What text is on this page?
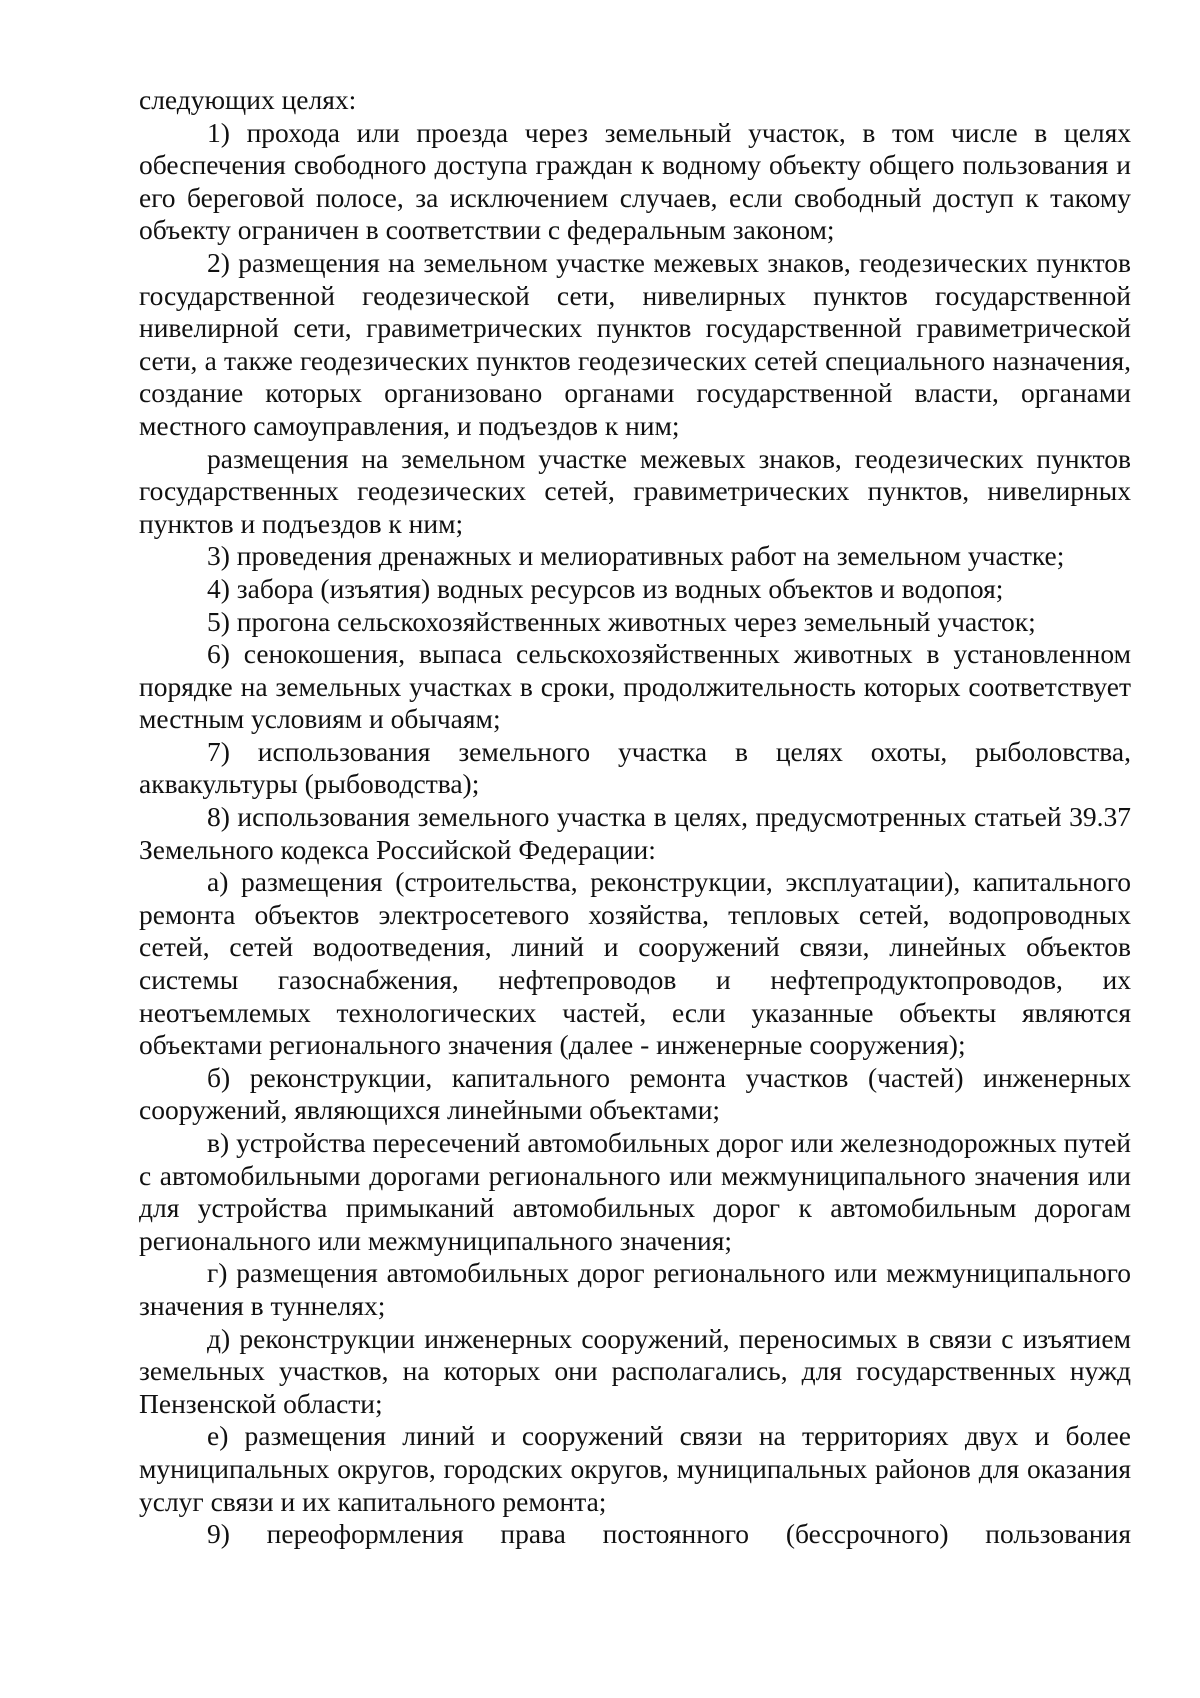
следующих целях:

1) прохода или проезда через земельный участок, в том числе в целях обеспечения свободного доступа граждан к водному объекту общего пользования и его береговой полосе, за исключением случаев, если свободный доступ к такому объекту ограничен в соответствии с федеральным законом;

2) размещения на земельном участке межевых знаков, геодезических пунктов государственной геодезической сети, нивелирных пунктов государственной нивелирной сети, гравиметрических пунктов государственной гравиметрической сети, а также геодезических пунктов геодезических сетей специального назначения, создание которых организовано органами государственной власти, органами местного самоуправления, и подъездов к ним;

размещения на земельном участке межевых знаков, геодезических пунктов государственных геодезических сетей, гравиметрических пунктов, нивелирных пунктов и подъездов к ним;

3) проведения дренажных и мелиоративных работ на земельном участке;

4) забора (изъятия) водных ресурсов из водных объектов и водопоя;

5) прогона сельскохозяйственных животных через земельный участок;

6) сенокошения, выпаса сельскохозяйственных животных в установленном порядке на земельных участках в сроки, продолжительность которых соответствует местным условиям и обычаям;

7) использования земельного участка в целях охоты, рыболовства, аквакультуры (рыбоводства);

8) использования земельного участка в целях, предусмотренных статьей 39.37 Земельного кодекса Российской Федерации:

а) размещения (строительства, реконструкции, эксплуатации), капитального ремонта объектов электросетевого хозяйства, тепловых сетей, водопроводных сетей, сетей водоотведения, линий и сооружений связи, линейных объектов системы газоснабжения, нефтепроводов и нефтепродуктопроводов, их неотъемлемых технологических частей, если указанные объекты являются объектами регионального значения (далее - инженерные сооружения);

б) реконструкции, капитального ремонта участков (частей) инженерных сооружений, являющихся линейными объектами;

в) устройства пересечений автомобильных дорог или железнодорожных путей с автомобильными дорогами регионального или межмуниципального значения или для устройства примыканий автомобильных дорог к автомобильным дорогам регионального или межмуниципального значения;

г) размещения автомобильных дорог регионального или межмуниципального значения в туннелях;

д) реконструкции инженерных сооружений, переносимых в связи с изъятием земельных участков, на которых они располагались, для государственных нужд Пензенской области;

е) размещения линий и сооружений связи на территориях двух и более муниципальных округов, городских округов, муниципальных районов для оказания услуг связи и их капитального ремонта;

9) переоформления права постоянного (бессрочного) пользования
